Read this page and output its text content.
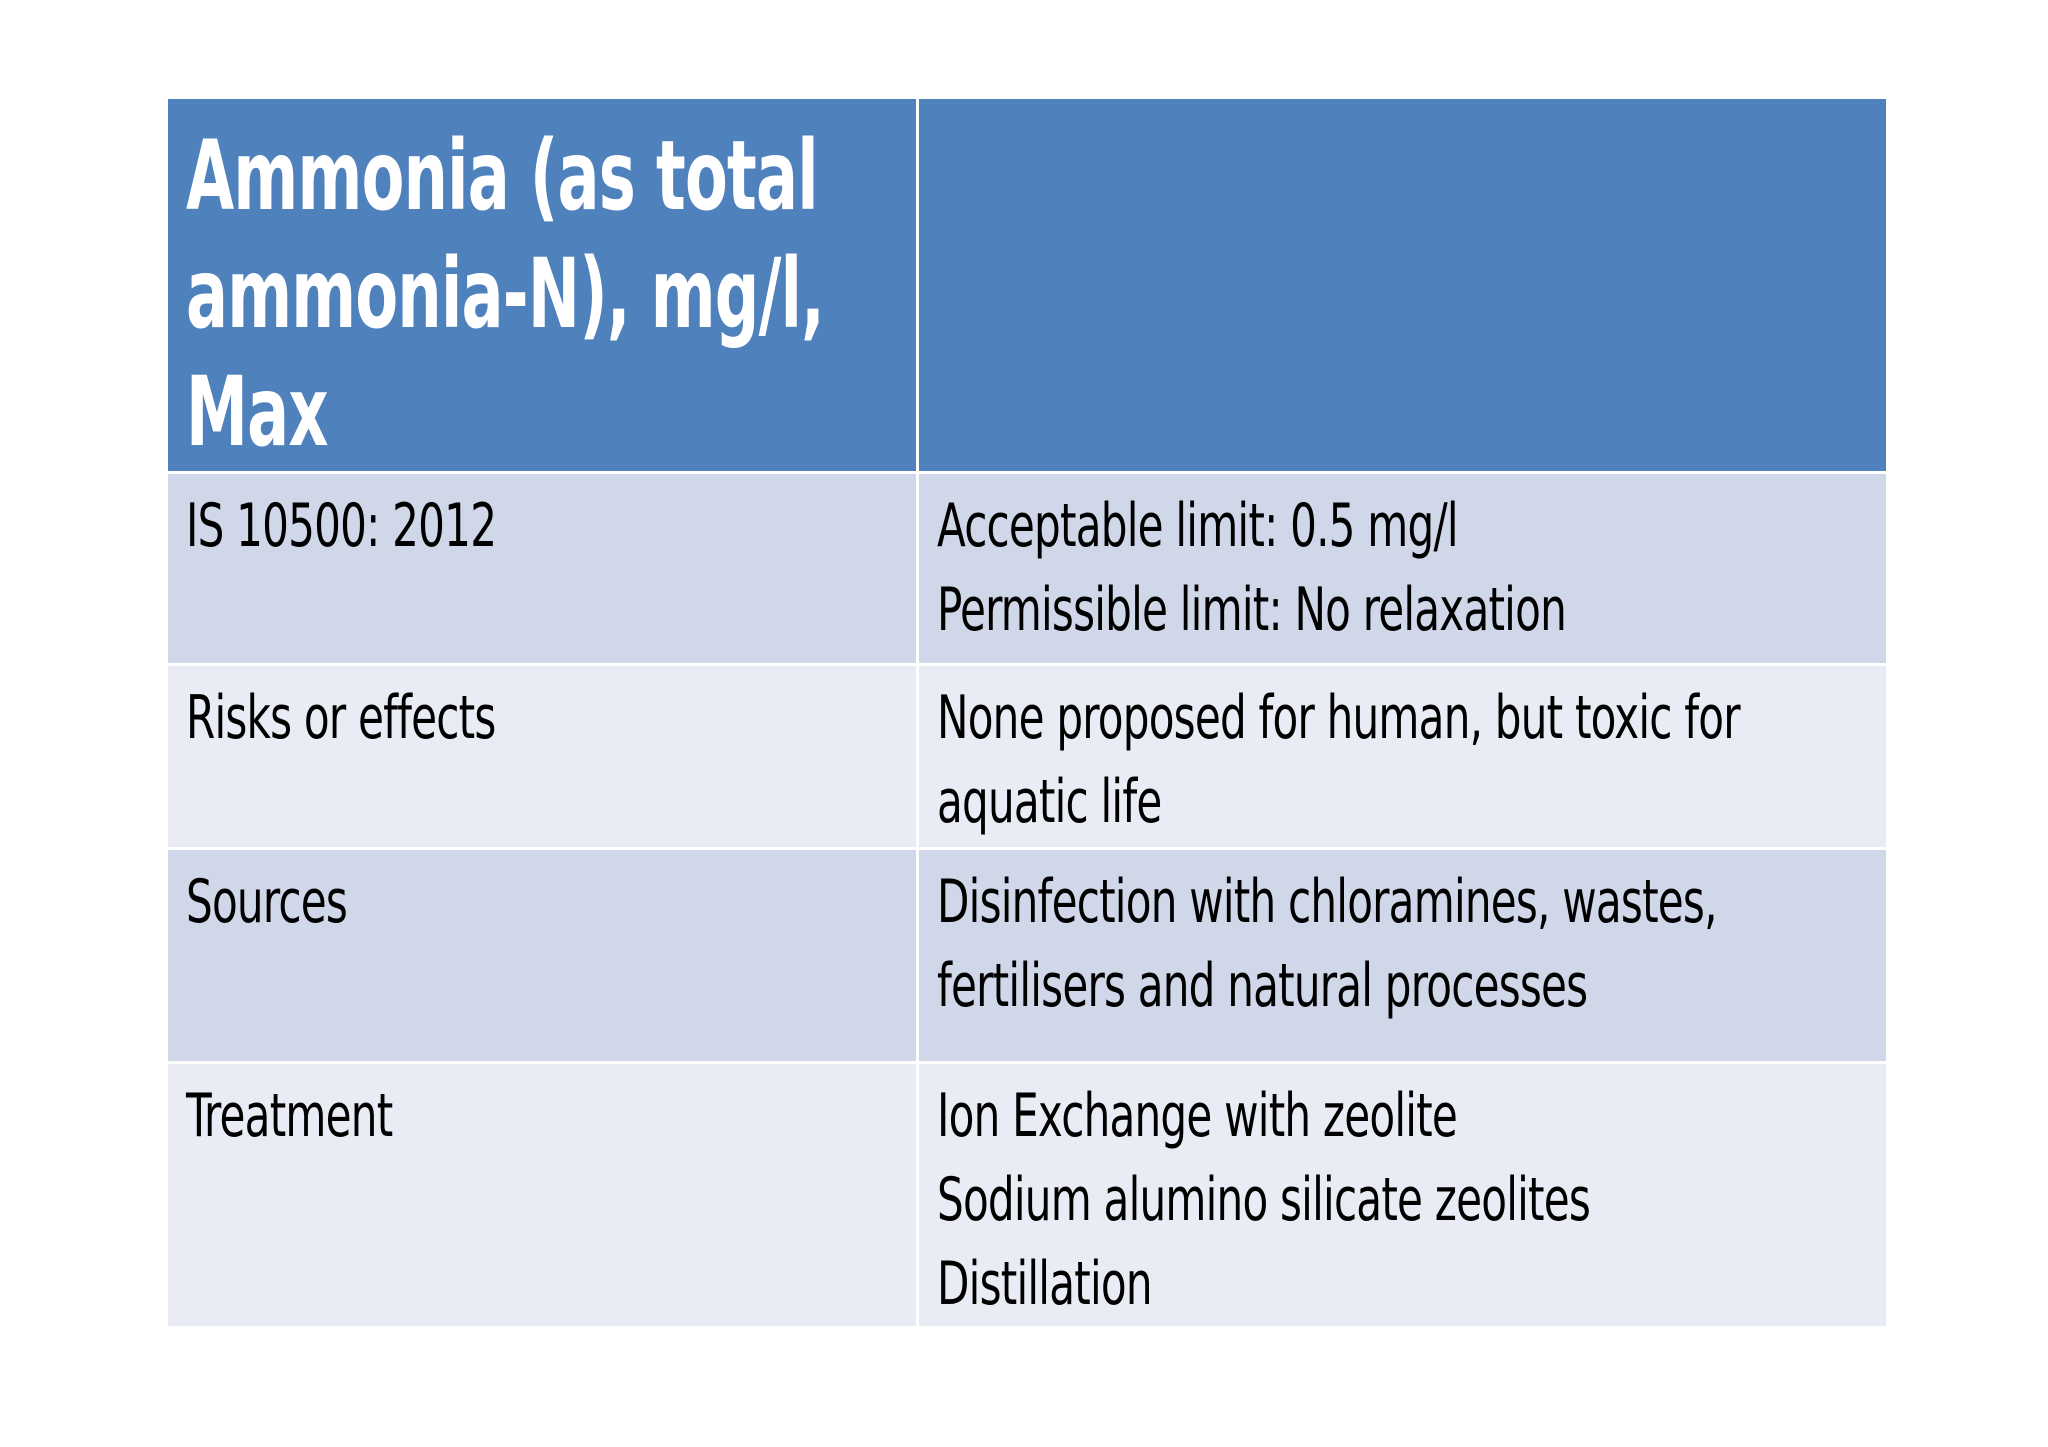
Ammonia (as total
ammonia-N), mg/l,
Max	

IS 10500: 2012	Acceptable limit: 0.5 mg/l
Permissible limit: No relaxation

Risks or effects	None proposed for human, but toxic for
aquatic life

Sources	Disinfection with chloramines, wastes,
fertilisers and natural processes

Treatment	Ion Exchange with zeolite
Sodium alumino silicate zeolites
Distillation
